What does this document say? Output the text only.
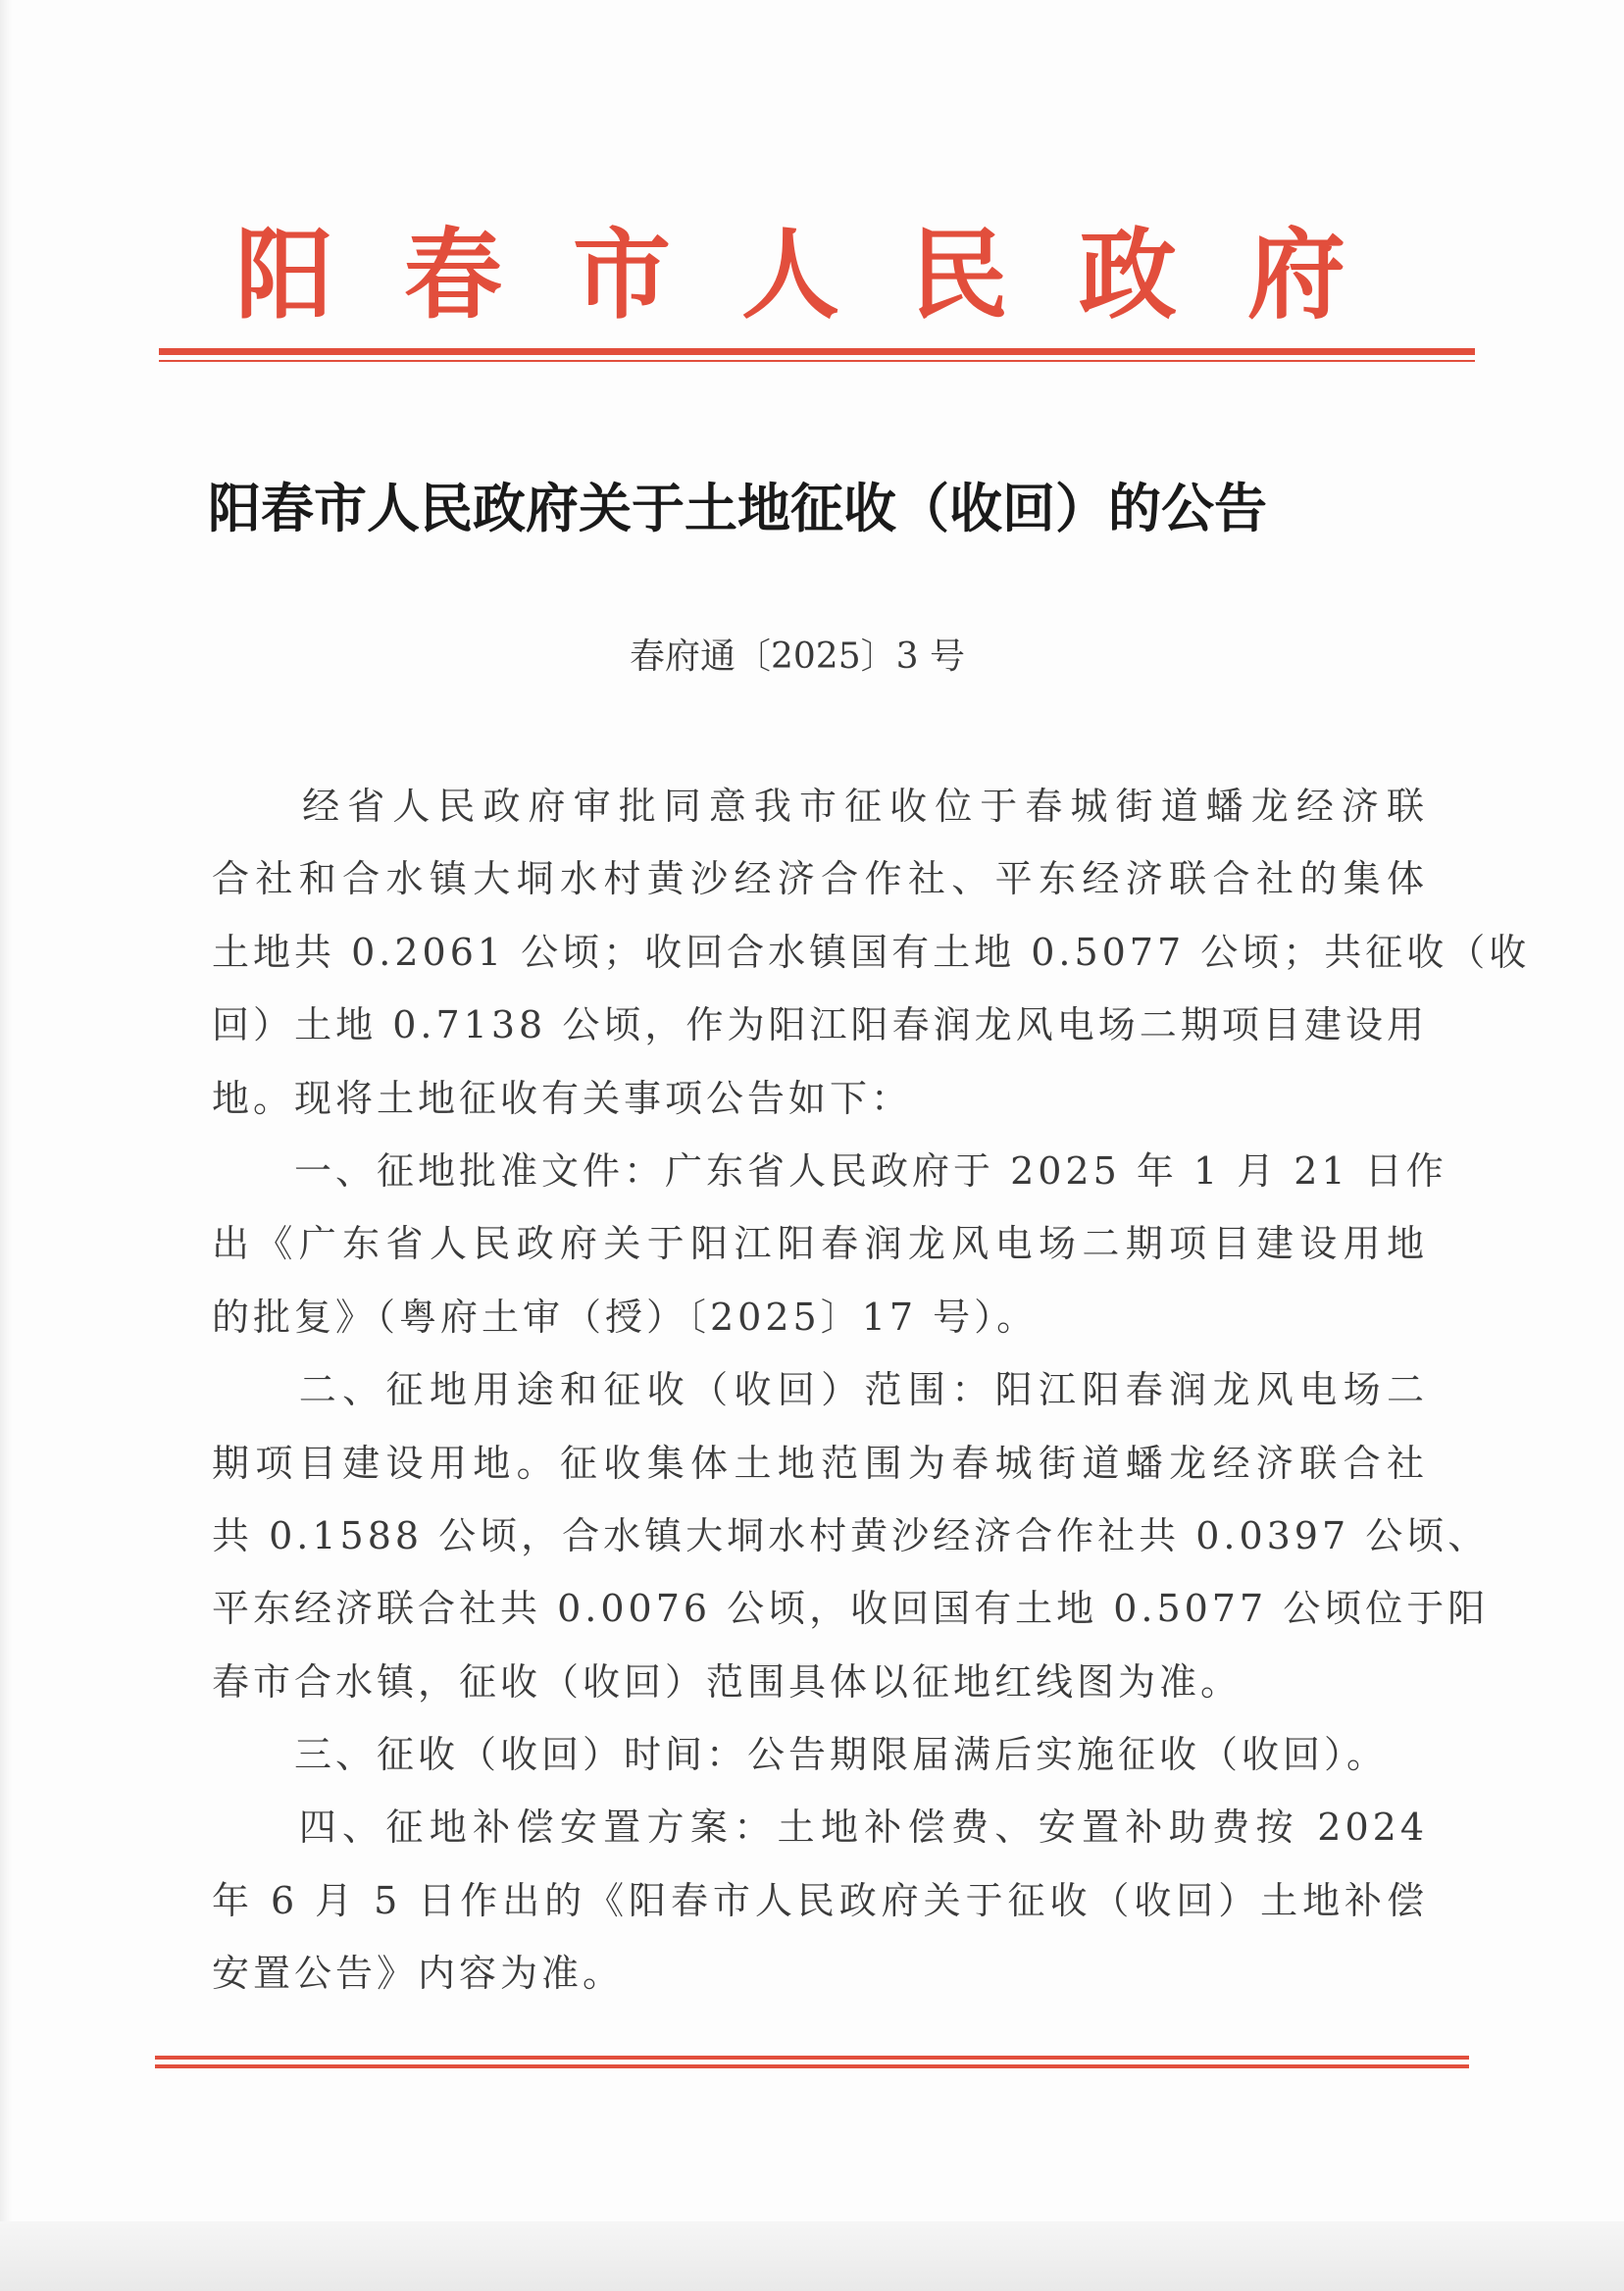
阳春市人民政府
阳春市人民政府关于土地征收（收回）的公告
春府通〔2025〕3 号
　　经省人民政府审批同意我市征收位于春城街道蟠龙经济联
合社和合水镇大垌水村黄沙经济合作社、平东经济联合社的集体
土地共 0.2061 公顷；收回合水镇国有土地 0.5077 公顷；共征收（收
回）土地 0.7138 公顷，作为阳江阳春润龙风电场二期项目建设用
地。现将土地征收有关事项公告如下：
　　一、征地批准文件：广东省人民政府于 2025 年 1 月 21 日作
出《广东省人民政府关于阳江阳春润龙风电场二期项目建设用地
的批复》（粤府土审（授）〔2025〕17 号）。
　　二、征地用途和征收（收回）范围：阳江阳春润龙风电场二
期项目建设用地。征收集体土地范围为春城街道蟠龙经济联合社
共 0.1588 公顷，合水镇大垌水村黄沙经济合作社共 0.0397 公顷、
平东经济联合社共 0.0076 公顷，收回国有土地 0.5077 公顷位于阳
春市合水镇，征收（收回）范围具体以征地红线图为准。
　　三、征收（收回）时间：公告期限届满后实施征收（收回）。
　　四、征地补偿安置方案：土地补偿费、安置补助费按 2024
年 6 月 5 日作出的《阳春市人民政府关于征收（收回）土地补偿
安置公告》内容为准。
